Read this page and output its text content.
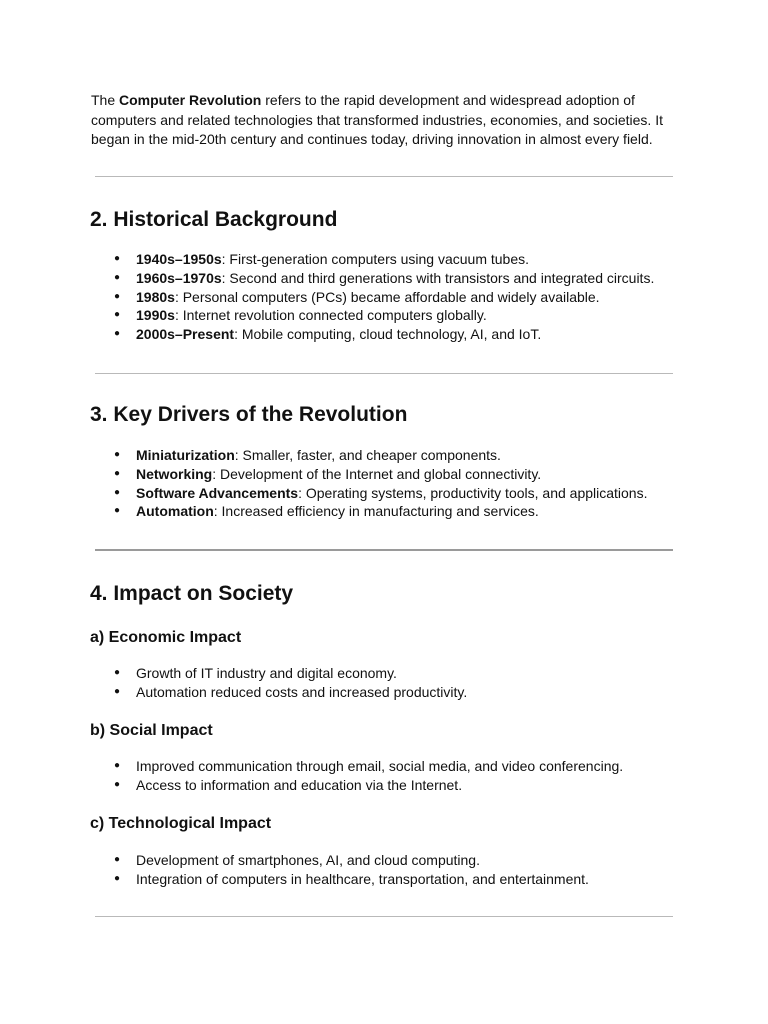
The Computer Revolution refers to the rapid development and widespread adoption of computers and related technologies that transformed industries, economies, and societies. It began in the mid-20th century and continues today, driving innovation in almost every field.

2. Historical Background
● 1940s–1950s: First-generation computers using vacuum tubes.
● 1960s–1970s: Second and third generations with transistors and integrated circuits.
● 1980s: Personal computers (PCs) became affordable and widely available.
● 1990s: Internet revolution connected computers globally.
● 2000s–Present: Mobile computing, cloud technology, AI, and IoT.
3. Key Drivers of the Revolution
● Miniaturization: Smaller, faster, and cheaper components.
● Networking: Development of the Internet and global connectivity.
● Software Advancements: Operating systems, productivity tools, and applications.
● Automation: Increased efficiency in manufacturing and services.
4. Impact on Society
a) Economic Impact
● Growth of IT industry and digital economy.
● Automation reduced costs and increased productivity.
b) Social Impact
● Improved communication through email, social media, and video conferencing.
● Access to information and education via the Internet.
c) Technological Impact
● Development of smartphones, AI, and cloud computing.
● Integration of computers in healthcare, transportation, and entertainment.
